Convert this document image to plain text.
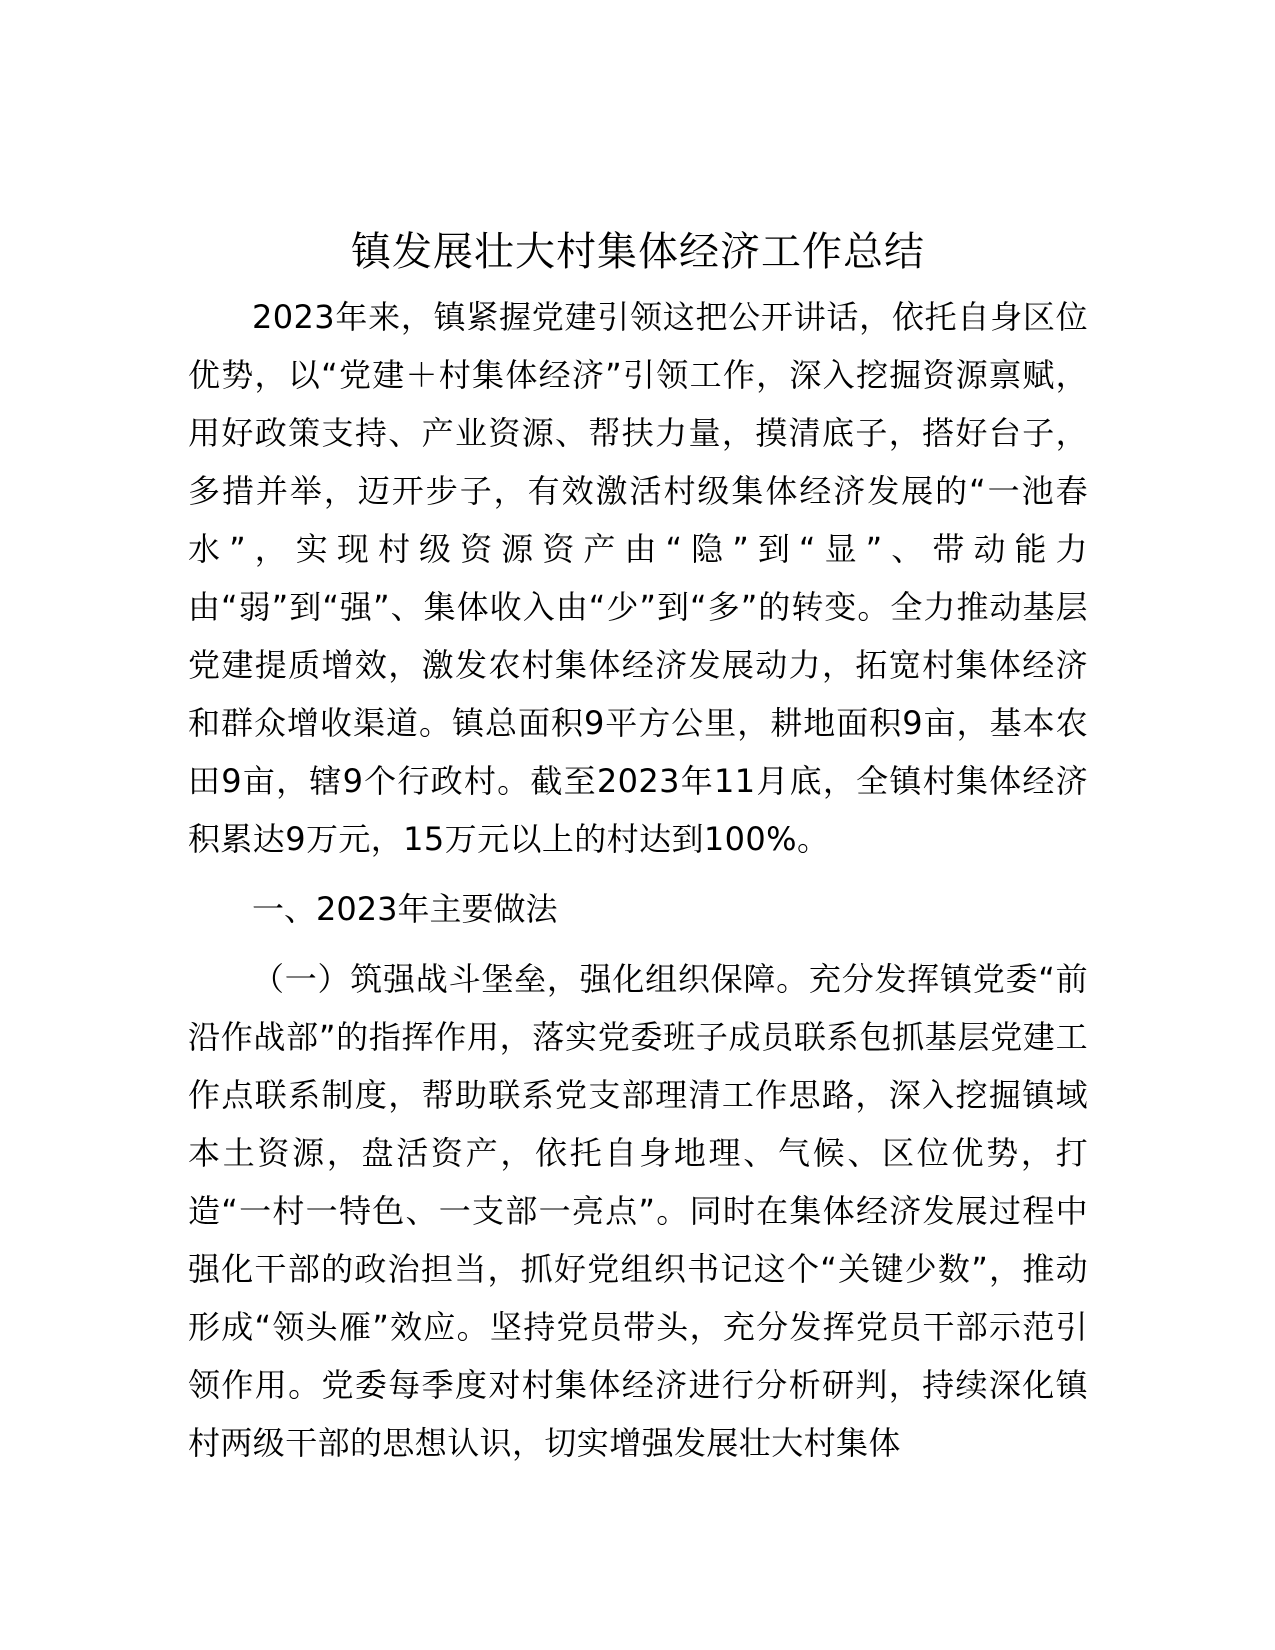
镇发展壮大村集体经济工作总结

2023年来，镇紧握党建引领这把公开讲话，依托自身区位优势，以“党建＋村集体经济”引领工作，深入挖掘资源禀赋，用好政策支持、产业资源、帮扶力量，摸清底子，搭好台子，多措并举，迈开步子，有效激活村级集体经济发展的“一池春水”，实现村级资源资产由“隐”到“显”、带动能力由“弱”到“强”、集体收入由“少”到“多”的转变。全力推动基层党建提质增效，激发农村集体经济发展动力，拓宽村集体经济和群众增收渠道。镇总面积9平方公里，耕地面积9亩，基本农田9亩，辖9个行政村。截至2023年11月底，全镇村集体经济积累达9万元，15万元以上的村达到100%。

一、2023年主要做法

（一）筑强战斗堡垒，强化组织保障。充分发挥镇党委“前沿作战部”的指挥作用，落实党委班子成员联系包抓基层党建工作点联系制度，帮助联系党支部理清工作思路，深入挖掘镇域本土资源，盘活资产，依托自身地理、气候、区位优势，打造“一村一特色、一支部一亮点”。同时在集体经济发展过程中强化干部的政治担当，抓好党组织书记这个“关键少数”，推动形成“领头雁”效应。坚持党员带头，充分发挥党员干部示范引领作用。党委每季度对村集体经济进行分析研判，持续深化镇村两级干部的思想认识，切实增强发展壮大村集体
